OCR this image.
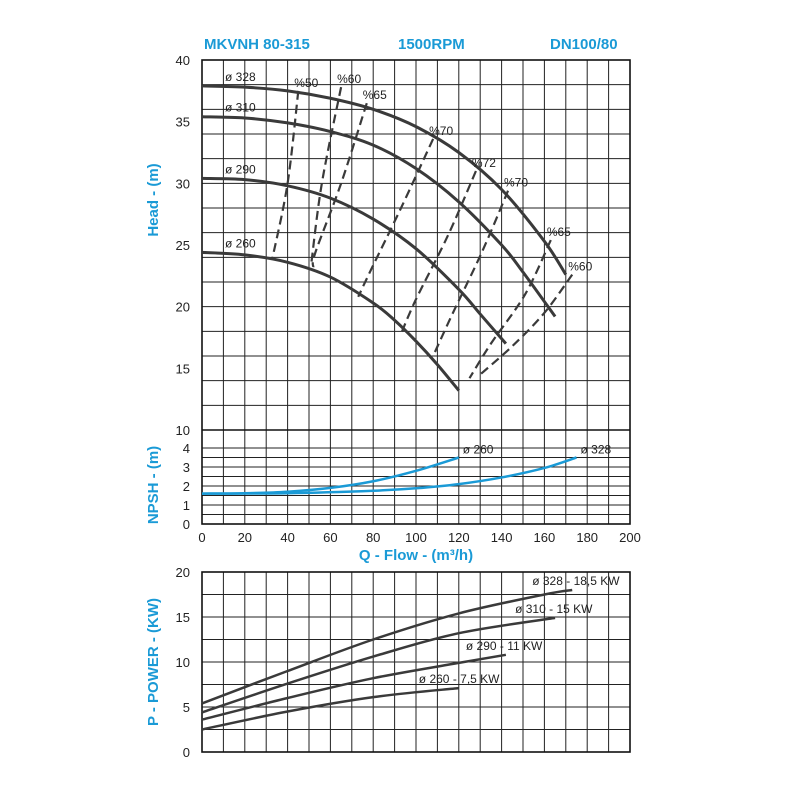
MKVNH 80-315	1500RPM	DN100/80
10
15
20
25
30
35
40
0
1
2
3
4
0
5
10
15
20
0 20 40 60 80 100 120 140 160 180 200
Head - (m)
NPSH - (m)
P - POWER - (KW)
Q - Flow - (m³/h)
ø 328
ø 310
ø 290
ø 260
%50 %60
%65
%70
%72
%70
%65
%60
ø 260	ø 328
ø 328 - 18,5 KW
ø 310 - 15 KW
ø 290 - 11 KW
ø 260 - 7,5 KW
